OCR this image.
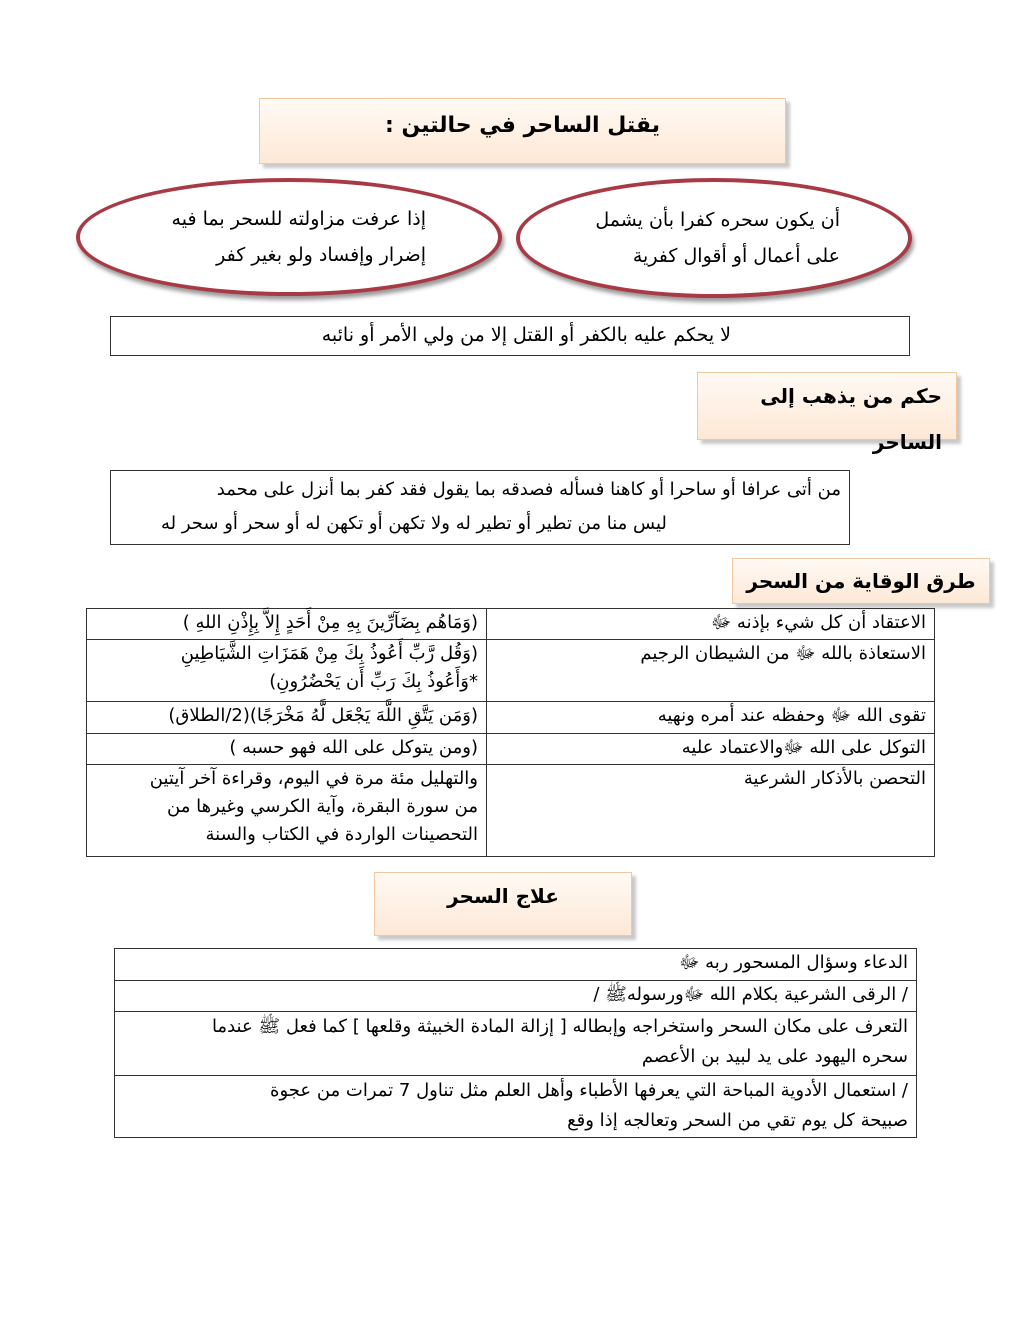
يقتل الساحر في حالتين :
أن يكون سحره كفرا بأن يشمل
على أعمال أو أقوال كفرية
إذا عرفت مزاولته للسحر بما فيه
إضرار وإفساد ولو بغير كفر
لا يحكم عليه بالكفر أو القتل إلا من ولي الأمر أو نائبه
حكم من يذهب إلى الساحر
من أتى عرافا أو ساحرا أو كاهنا فسأله فصدقه بما يقول فقد كفر بما أنزل على محمد
ليس منا من تطير أو تطير له ولا تكهن أو تكهن له أو سحر أو سحر له
طرق الوقاية من السحر
الاعتقاد أن كل شيء بإذنه ﷻ	(وَمَاهُم بِضَآرِّينَ بِهِ مِنْ أَحَدٍ إِلاَّ بِإِذْنِ اللهِ )

الاستعاذة بالله ﷻ من الشيطان الرجيم	(وَقُل رَّبِّ أَعُوذُ بِكَ مِنْ هَمَزَاتِ الشَّيَاطِينِ
*وَأَعُوذُ بِكَ رَبِّ أَن يَحْضُرُونِ)

تقوى الله ﷻ وحفظه عند أمره ونهيه	(وَمَن يَتَّقِ اللَّهَ يَجْعَل لَّهُ مَخْرَجًا)(2/الطلاق)

التوكل على الله ﷻوالاعتماد عليه	(ومن يتوكل على الله فهو حسبه )

التحصن بالأذكار الشرعية	والتهليل مئة مرة في اليوم، وقراءة آخر آيتين
من سورة البقرة، وآية الكرسي وغيرها من
التحصينات الواردة في الكتاب والسنة
علاج السحر
الدعاء وسؤال المسحور ربه ﷻ

/ الرقى الشرعية بكلام الله ﷻورسولهﷺ /

التعرف على مكان السحر واستخراجه وإبطاله [ إزالة المادة الخبيثة وقلعها ] كما فعل ﷺ عندما
سحره اليهود على يد لبيد بن الأعصم

/ استعمال الأدوية المباحة التي يعرفها الأطباء وأهل العلم مثل تناول 7 تمرات من عجوة
صبيحة كل يوم تقي من السحر وتعالجه إذا وقع
